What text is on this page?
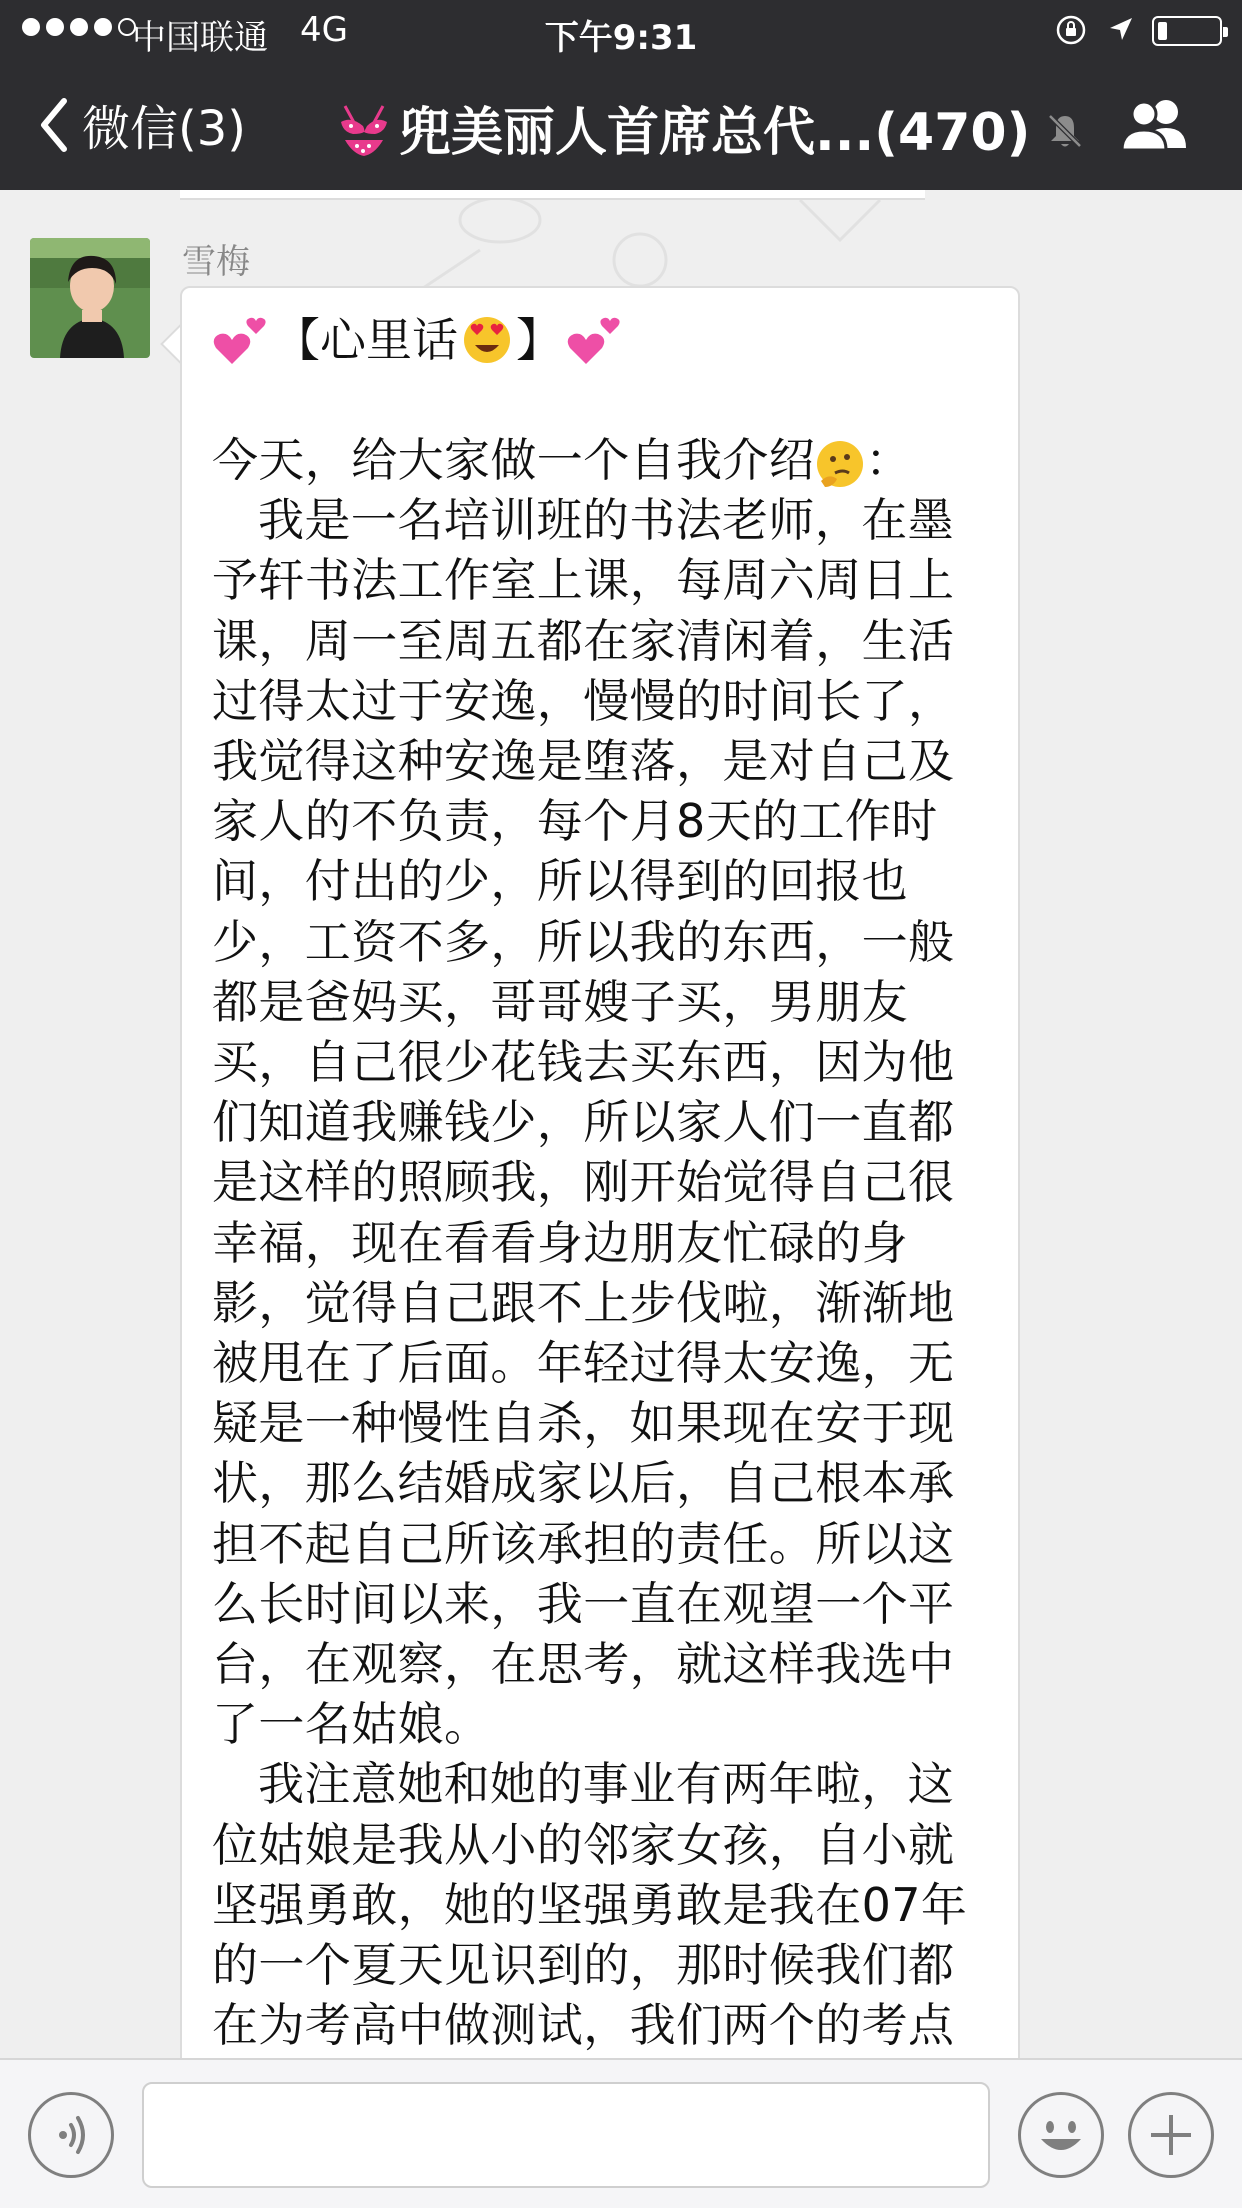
中国联通 4G	下午9:31
微信(3)	兜美丽人首席总代...(470)
雪梅
【心里话 】
今天，给大家做一个自我介绍 ：
我是一名培训班的书法老师，在墨予轩书法工作室上课，每周六周日上课，周一至周五都在家清闲着，生活过得太过于安逸，慢慢的时间长了，我觉得这种安逸是堕落，是对自己及家人的不负责，每个月8天的工作时间，付出的少，所以得到的回报也少，工资不多，所以我的东西，一般都是爸妈买，哥哥嫂子买，男朋友买，自己很少花钱去买东西，因为他们知道我赚钱少，所以家人们一直都是这样的照顾我，刚开始觉得自己很幸福，现在看看身边朋友忙碌的身影，觉得自己跟不上步伐啦，渐渐地被甩在了后面。年轻过得太安逸，无疑是一种慢性自杀，如果现在安于现状，那么结婚成家以后，自己根本承担不起自己所该承担的责任。所以这么长时间以来，我一直在观望一个平台，在观察，在思考，就这样我选中了一名姑娘。
我注意她和她的事业有两年啦，这位姑娘是我从小的邻家女孩，自小就坚强勇敢，她的坚强勇敢是我在07年的一个夏天见识到的，那时候我们都在为考高中做测试，我们两个的考点
